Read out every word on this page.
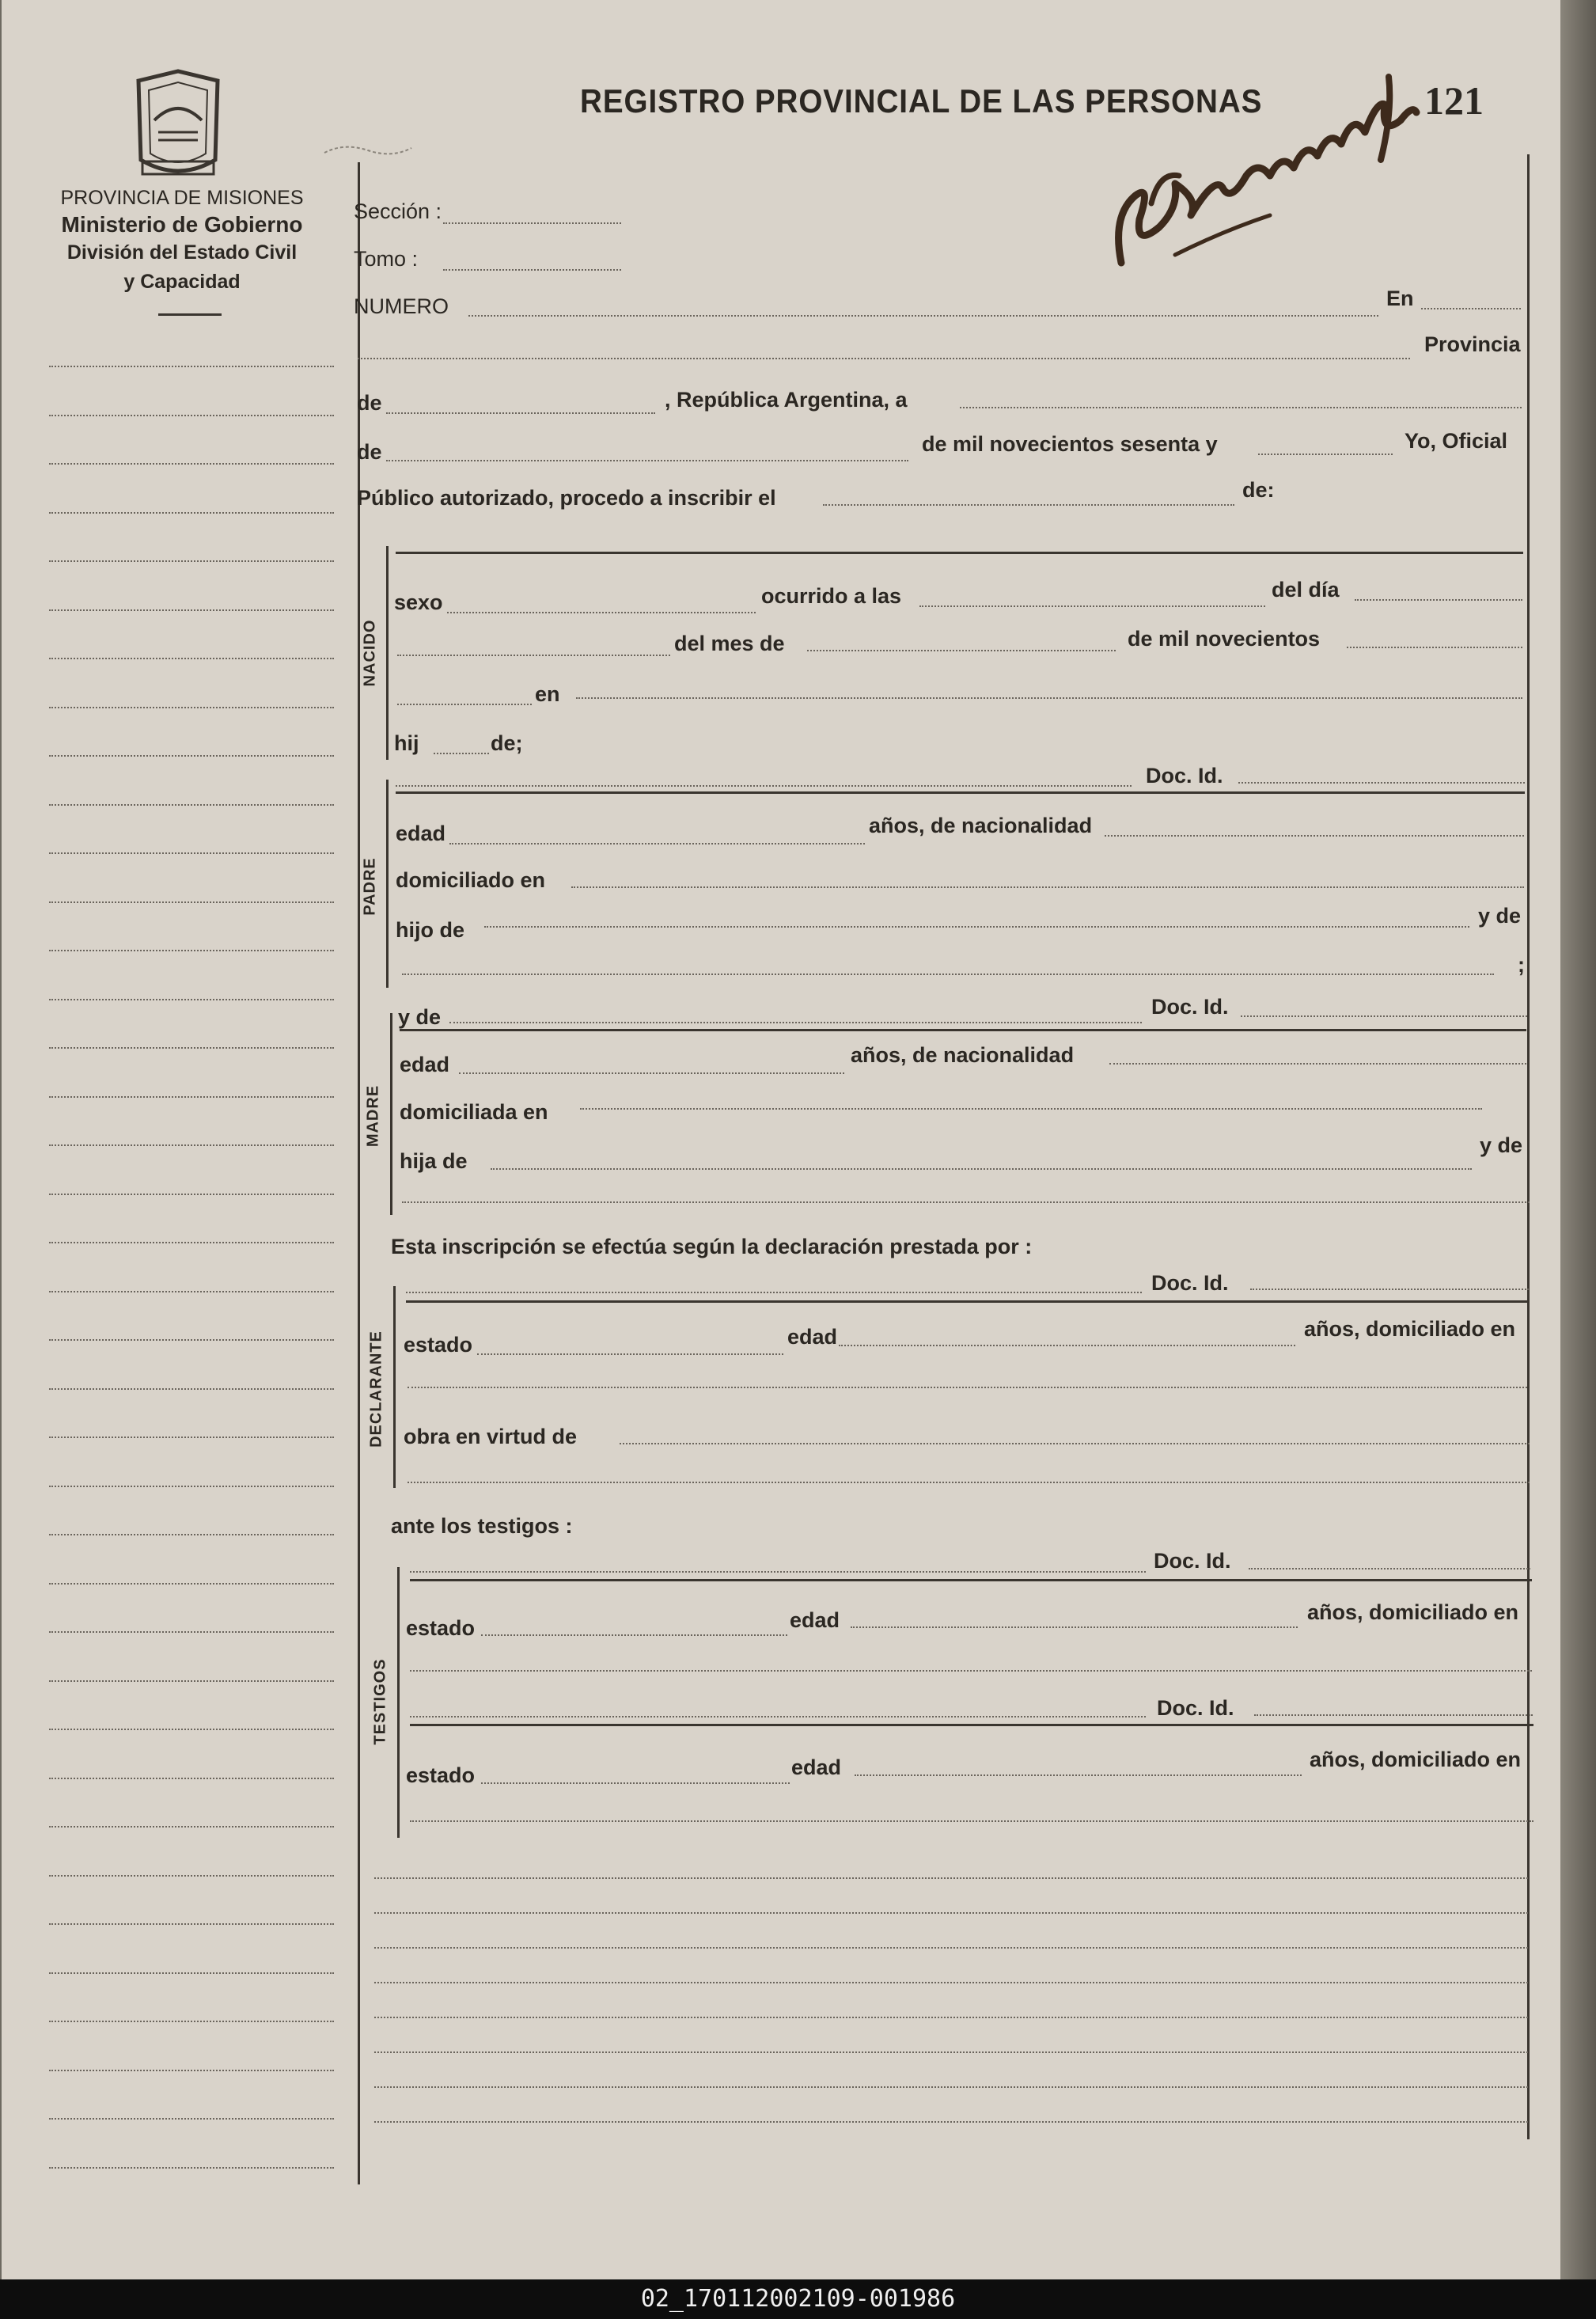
PROVINCIA DE MISIONES
Ministerio de Gobierno
División del Estado Civil
y Capacidad
REGISTRO PROVINCIAL DE LAS PERSONAS	121
NACIDO
PADRE
MADRE
DECLARANTE
TESTIGOS
Sección :
Tomo :
NUMERO	En
Provincia
de	, República Argentina, a
de	de mil novecientos sesenta y	Yo, Oficial
Público autorizado, procedo a inscribir el	de:
sexo	ocurrido a las	del día
del mes de	de mil novecientos
en
hij	de;
Doc. Id.
edad	años, de nacionalidad
domiciliado en
hijo de
y de
;
y de	Doc. Id.
edad	años, de nacionalidad
domiciliada en
hija de
y de
Esta inscripción se efectúa según la declaración prestada por :
Doc. Id.
estado	edad	años, domiciliado en
obra en virtud de
ante los testigos :
Doc. Id.
estado	edad	años, domiciliado en
Doc. Id.
estado	edad	años, domiciliado en
02_170112002109-001986
